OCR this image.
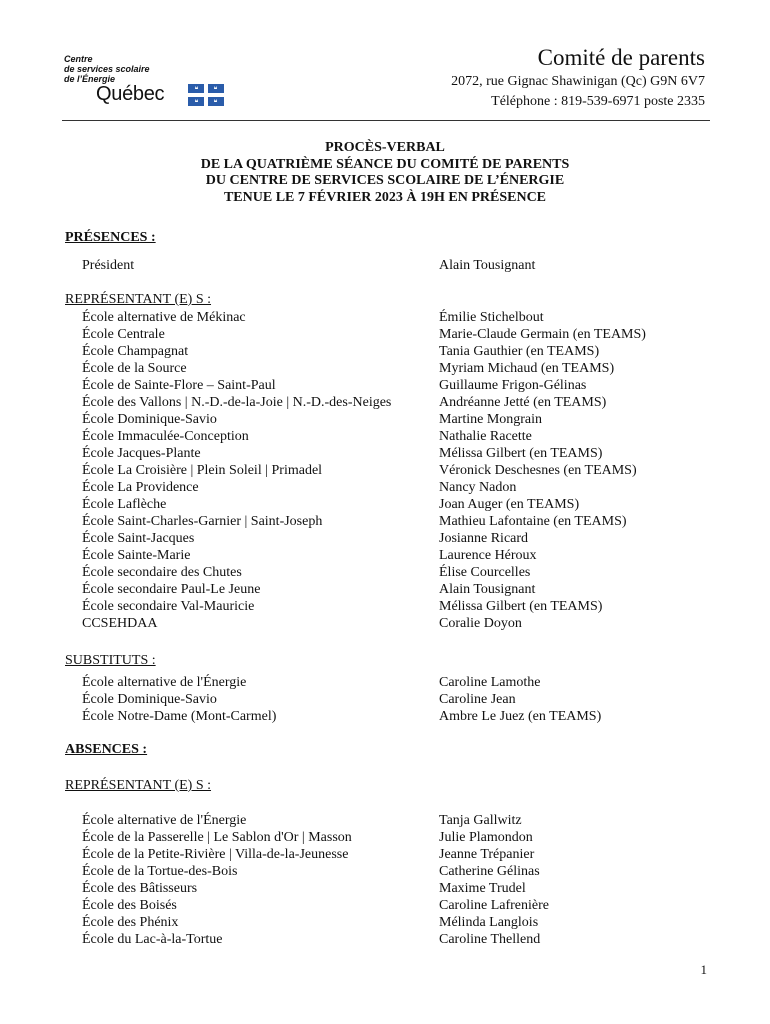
Centre
de services scolaire
de l’Énergie
Québec
Comité de parents
2072, rue Gignac Shawinigan (Qc) G9N 6V7
Téléphone : 819-539-6971 poste 2335
PROCÈS-VERBAL
DE LA QUATRIÈME SÉANCE DU COMITÉ DE PARENTS
DU CENTRE DE SERVICES SCOLAIRE DE L’ÉNERGIE
TENUE LE 7 FÉVRIER 2023 À 19H EN PRÉSENCE
PRÉSENCES :
Président	Alain Tousignant
REPRÉSENTANT (E) S :
École alternative de Mékinac	Émilie Stichelbout
École Centrale	Marie-Claude Germain (en TEAMS)
École Champagnat	Tania Gauthier (en TEAMS)
École de la Source	Myriam Michaud (en TEAMS)
École de Sainte-Flore – Saint-Paul	Guillaume Frigon-Gélinas
École des Vallons | N.-D.-de-la-Joie | N.-D.-des-Neiges	Andréanne Jetté (en TEAMS)
École Dominique-Savio	Martine Mongrain
École Immaculée-Conception	Nathalie Racette
École Jacques-Plante	Mélissa Gilbert (en TEAMS)
École La Croisière | Plein Soleil | Primadel	Véronick Deschesnes (en TEAMS)
École La Providence	Nancy Nadon
École Laflèche	Joan Auger (en TEAMS)
École Saint-Charles-Garnier | Saint-Joseph	Mathieu Lafontaine (en TEAMS)
École Saint-Jacques	Josianne Ricard
École Sainte-Marie	Laurence Héroux
École secondaire des Chutes	Élise Courcelles
École secondaire Paul-Le Jeune	Alain Tousignant
École secondaire Val-Mauricie	Mélissa Gilbert (en TEAMS)
CCSEHDAA	Coralie Doyon
SUBSTITUTS :
École alternative de l'Énergie	Caroline Lamothe
École Dominique-Savio	Caroline Jean
École Notre-Dame (Mont-Carmel)	Ambre Le Juez (en TEAMS)
ABSENCES :
REPRÉSENTANT (E) S :
École alternative de l'Énergie	Tanja Gallwitz
École de la Passerelle | Le Sablon d'Or | Masson	Julie Plamondon
École de la Petite-Rivière | Villa-de-la-Jeunesse	Jeanne Trépanier
École de la Tortue-des-Bois	Catherine Gélinas
École des Bâtisseurs	Maxime Trudel
École des Boisés	Caroline Lafrenière
École des Phénix	Mélinda Langlois
École du Lac-à-la-Tortue	Caroline Thellend
1
